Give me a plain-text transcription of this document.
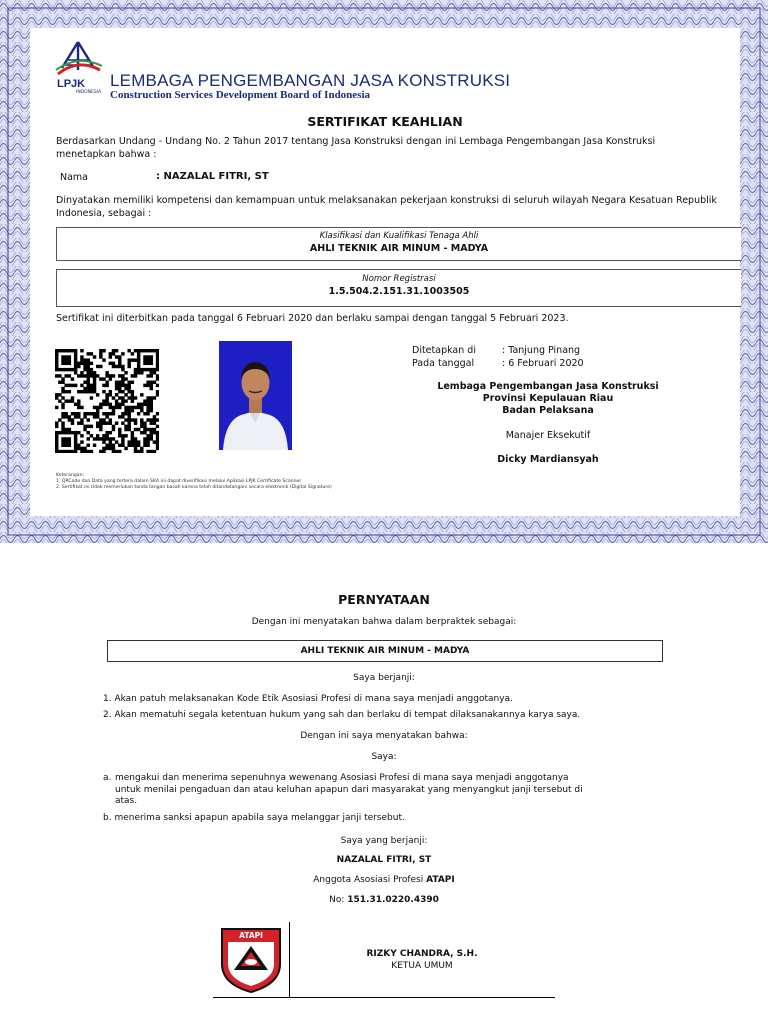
LPJK
INDONESIA
LEMBAGA PENGEMBANGAN JASA KONSTRUKSI
Construction Services Development Board of Indonesia
SERTIFIKAT KEAHLIAN
Berdasarkan Undang - Undang No. 2 Tahun 2017 tentang Jasa Konstruksi dengan ini Lembaga Pengembangan Jasa Konstruksi menetapkan bahwa :
Nama	: NAZALAL FITRI, ST
Dinyatakan memiliki kompetensi dan kemampuan untuk melaksanakan pekerjaan konstruksi di seluruh wilayah Negara Kesatuan Republik Indonesia, sebagai :
Klasifikasi dan Kualifikasi Tenaga Ahli
AHLI TEKNIK AIR MINUM - MADYA
Nomor Registrasi
1.5.504.2.151.31.1003505
Sertifikat ini diterbitkan pada tanggal 6 Februari 2020 dan berlaku sampai dengan tanggal 5 Februari 2023.
Ditetapkan di	: Tanjung Pinang
Pada tanggal	: 6 Februari 2020
Lembaga Pengembangan Jasa Konstruksi
Provinsi Kepulauan Riau
Badan Pelaksana
Manajer Eksekutif
Dicky Mardiansyah
Keterangan:
1. QRCode dan Data yang tertera dalam SKA ini dapat diverifikasi melalui Aplikasi LPJK Certificate Scanner
2. Sertifikat ini tidak memerlukan tanda tangan basah karena telah ditandatangani secara elektronik (Digital Signature)
PERNYATAAN
Dengan ini menyatakan bahwa dalam berpraktek sebagai:
AHLI TEKNIK AIR MINUM - MADYA
Saya berjanji:
1. Akan patuh melaksanakan Kode Etik Asosiasi Profesi di mana saya menjadi anggotanya.
2. Akan mematuhi segala ketentuan hukum yang sah dan berlaku di tempat dilaksanakannya karya saya.
Dengan ini saya menyatakan bahwa:
Saya:
a. mengakui dan menerima sepenuhnya wewenang Asosiasi Profesi di mana saya menjadi anggotanya untuk menilai pengaduan dan atau keluhan apapun dari masyarakat yang menyangkut janji tersebut di atas.
b. menerima sanksi apapun apabila saya melanggar janji tersebut.
Saya yang berjanji:
NAZALAL FITRI, ST
Anggota Asosiasi Profesi ATAPI
No: 151.31.0220.4390
ATAPI
RIZKY CHANDRA, S.H.
KETUA UMUM
